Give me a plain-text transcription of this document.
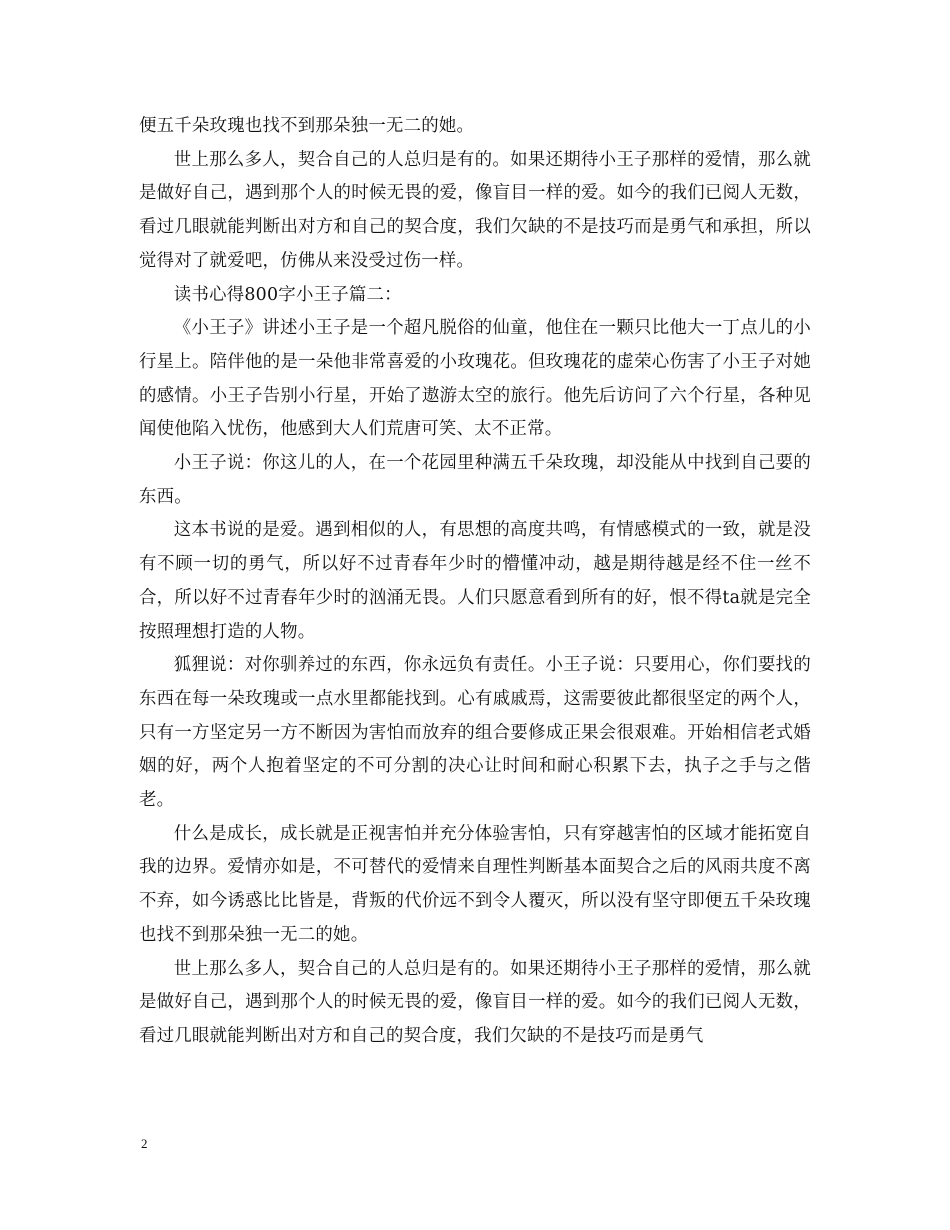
便五千朵玫瑰也找不到那朵独一无二的她。

世上那么多人，契合自己的人总归是有的。如果还期待小王子那样的爱情，那么就是做好自己，遇到那个人的时候无畏的爱，像盲目一样的爱。如今的我们已阅人无数，看过几眼就能判断出对方和自己的契合度，我们欠缺的不是技巧而是勇气和承担，所以觉得对了就爱吧，仿佛从来没受过伤一样。

读书心得800字小王子篇二：

《小王子》讲述小王子是一个超凡脱俗的仙童，他住在一颗只比他大一丁点儿的小行星上。陪伴他的是一朵他非常喜爱的小玫瑰花。但玫瑰花的虚荣心伤害了小王子对她的感情。小王子告别小行星，开始了遨游太空的旅行。他先后访问了六个行星，各种见闻使他陷入忧伤，他感到大人们荒唐可笑、太不正常。

小王子说：你这儿的人，在一个花园里种满五千朵玫瑰，却没能从中找到自己要的东西。

这本书说的是爱。遇到相似的人，有思想的高度共鸣，有情感模式的一致，就是没有不顾一切的勇气，所以好不过青春年少时的懵懂冲动，越是期待越是经不住一丝不合，所以好不过青春年少时的汹涌无畏。人们只愿意看到所有的好，恨不得ta就是完全按照理想打造的人物。

狐狸说：对你驯养过的东西，你永远负有责任。小王子说：只要用心，你们要找的东西在每一朵玫瑰或一点水里都能找到。心有戚戚焉，这需要彼此都很坚定的两个人，只有一方坚定另一方不断因为害怕而放弃的组合要修成正果会很艰难。开始相信老式婚姻的好，两个人抱着坚定的不可分割的决心让时间和耐心积累下去，执子之手与之偕老。

什么是成长，成长就是正视害怕并充分体验害怕，只有穿越害怕的区域才能拓宽自我的边界。爱情亦如是，不可替代的爱情来自理性判断基本面契合之后的风雨共度不离不弃，如今诱惑比比皆是，背叛的代价远不到令人覆灭，所以没有坚守即便五千朵玫瑰也找不到那朵独一无二的她。

世上那么多人，契合自己的人总归是有的。如果还期待小王子那样的爱情，那么就是做好自己，遇到那个人的时候无畏的爱，像盲目一样的爱。如今的我们已阅人无数，看过几眼就能判断出对方和自己的契合度，我们欠缺的不是技巧而是勇气

2
